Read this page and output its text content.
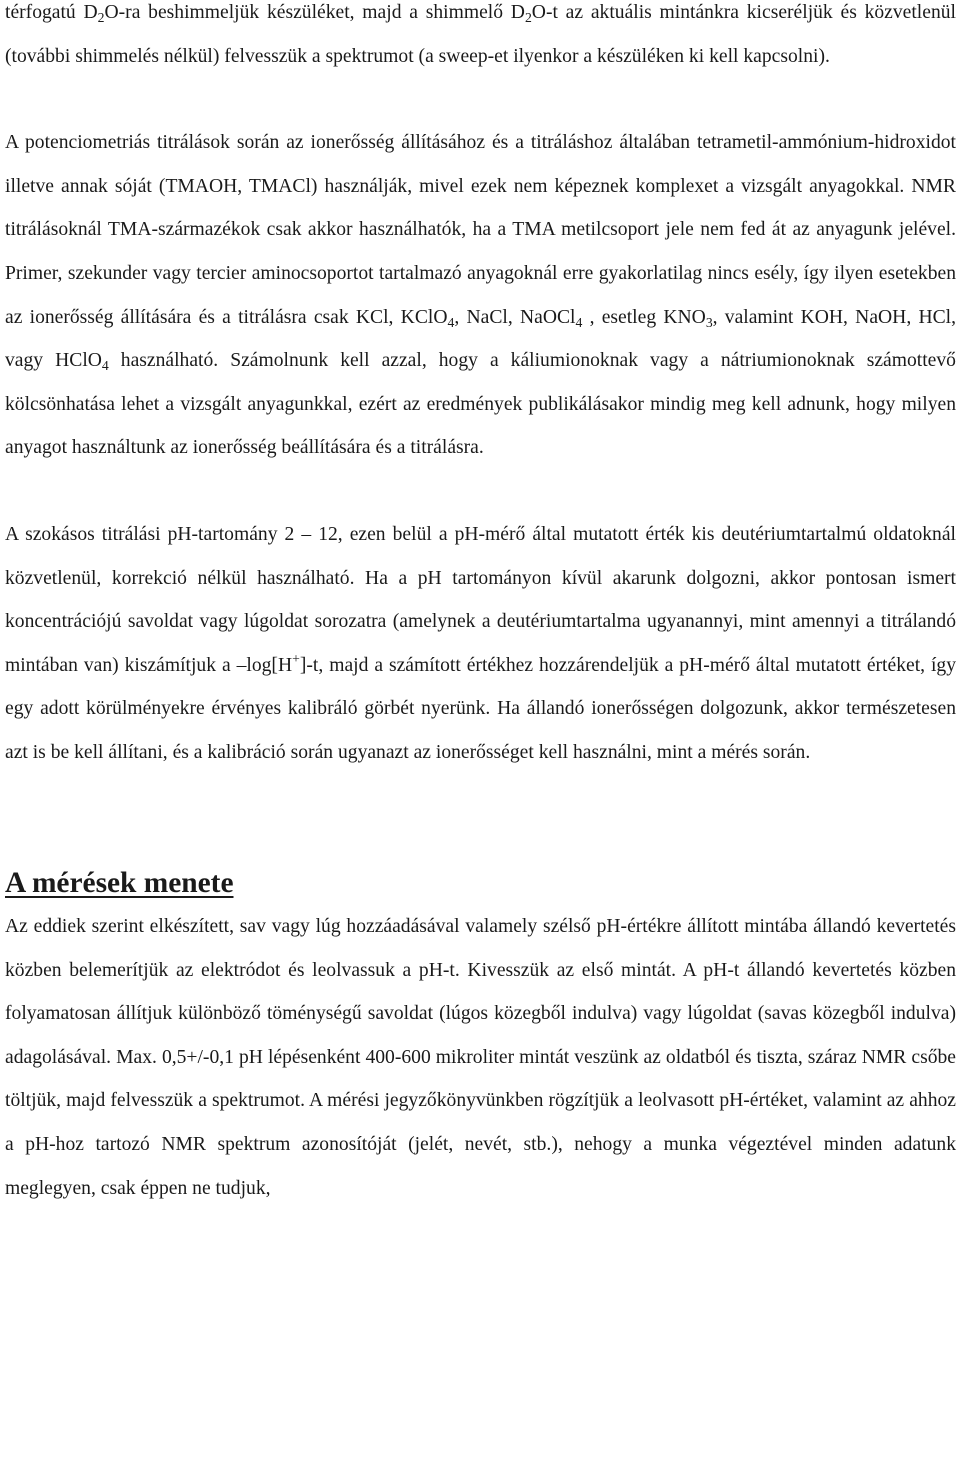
térfogatú $D_2O-ra$ beshimmeljük készüléket, majd a shimmelő $D_2O-t$ az aktuális mintánkra kicseréljük és közvetlenül (további shimmelés nélkül) felvesszük a spektrumot (a sweep-et ilyenkor a készüléken ki kell kapcsolni).

A potenciometriás titrálások során az ionerősség állításához és a titráláshoz általában tetrametil-ammónium-hidroxidot illetve annak sóját (TMAOH, TMACl) használják, mivel ezek nem képeznek komplexet a vizsgált anyagokkal. NMR titrálásoknál TMA-származékok csak akkor használhatók, ha a TMA metilcsoport jele nem fed át az anyagunk jelével. Primer, szekunder vagy tercier aminocsoportot tartalmazó anyagoknál erre gyakorlatilag nincs esély, így ilyen esetekben az ionerősség állítására és a titrálásra csak KCl, KClO$_4$, NaCl, NaOCl$_4$ , esetleg $KNO_3$, valamint KOH, NaOH, HCl, vagy HClO$_4$ használható. Számolnunk kell azzal, hogy a káliumionoknak vagy a nátriumionoknak számottevő kölcsönhatása lehet a vizsgált anyagunkkal, ezért az eredmények publikálásakor mindig meg kell adnunk, hogy milyen anyagot használtunk az ionerősség beállítására és a titrálásra.

A szokásos titrálási pH-tartomány 2 – 12, ezen belül a pH-mérő által mutatott érték kis deutériumtartalmú oldatoknál közvetlenül, korrekció nélkül használható. Ha a pH tartományon kívül akarunk dolgozni, akkor pontosan ismert koncentrációjú savoldat vagy lúgoldat sorozatra (amelynek a deutériumtartalma ugyanannyi, mint amennyi a titrálandó mintában van) kiszámítjuk a –log[H+]-t, majd a számított értékhez hozzárendeljük a pH-mérő által mutatott értéket, így egy adott körülményekre érvényes kalibráló görbét nyerünk. Ha állandó ionerősségen dolgozunk, akkor természetesen azt is be kell állítani, és a kalibráció során ugyanazt az ionerősséget kell használni, mint a mérés során.

A mérések menete

Az eddiek szerint elkészített, sav vagy lúg hozzáadásával valamely szélső pH-értékre állított mintába állandó kevertetés közben belemerítjük az elektródot és leolvassuk a pH-t. Kivesszük az első mintát. A pH-t állandó kevertetés közben folyamatosan állítjuk különböző töménységű savoldat (lúgos közegből indulva) vagy lúgoldat (savas közegből indulva) adagolásával. Max. 0,5+/-0,1 pH lépésenként 400-600 mikroliter mintát veszünk az oldatból és tiszta, száraz NMR csőbe töltjük, majd felvesszük a spektrumot. A mérési jegyzőkönyvünkben rögzítjük a leolvasott pH-értéket, valamint az ahhoz a pH-hoz tartozó NMR spektrum azonosítóját (jelét, nevét, stb.), nehogy a munka végeztével minden adatunk meglegyen, csak éppen ne tudjuk,
